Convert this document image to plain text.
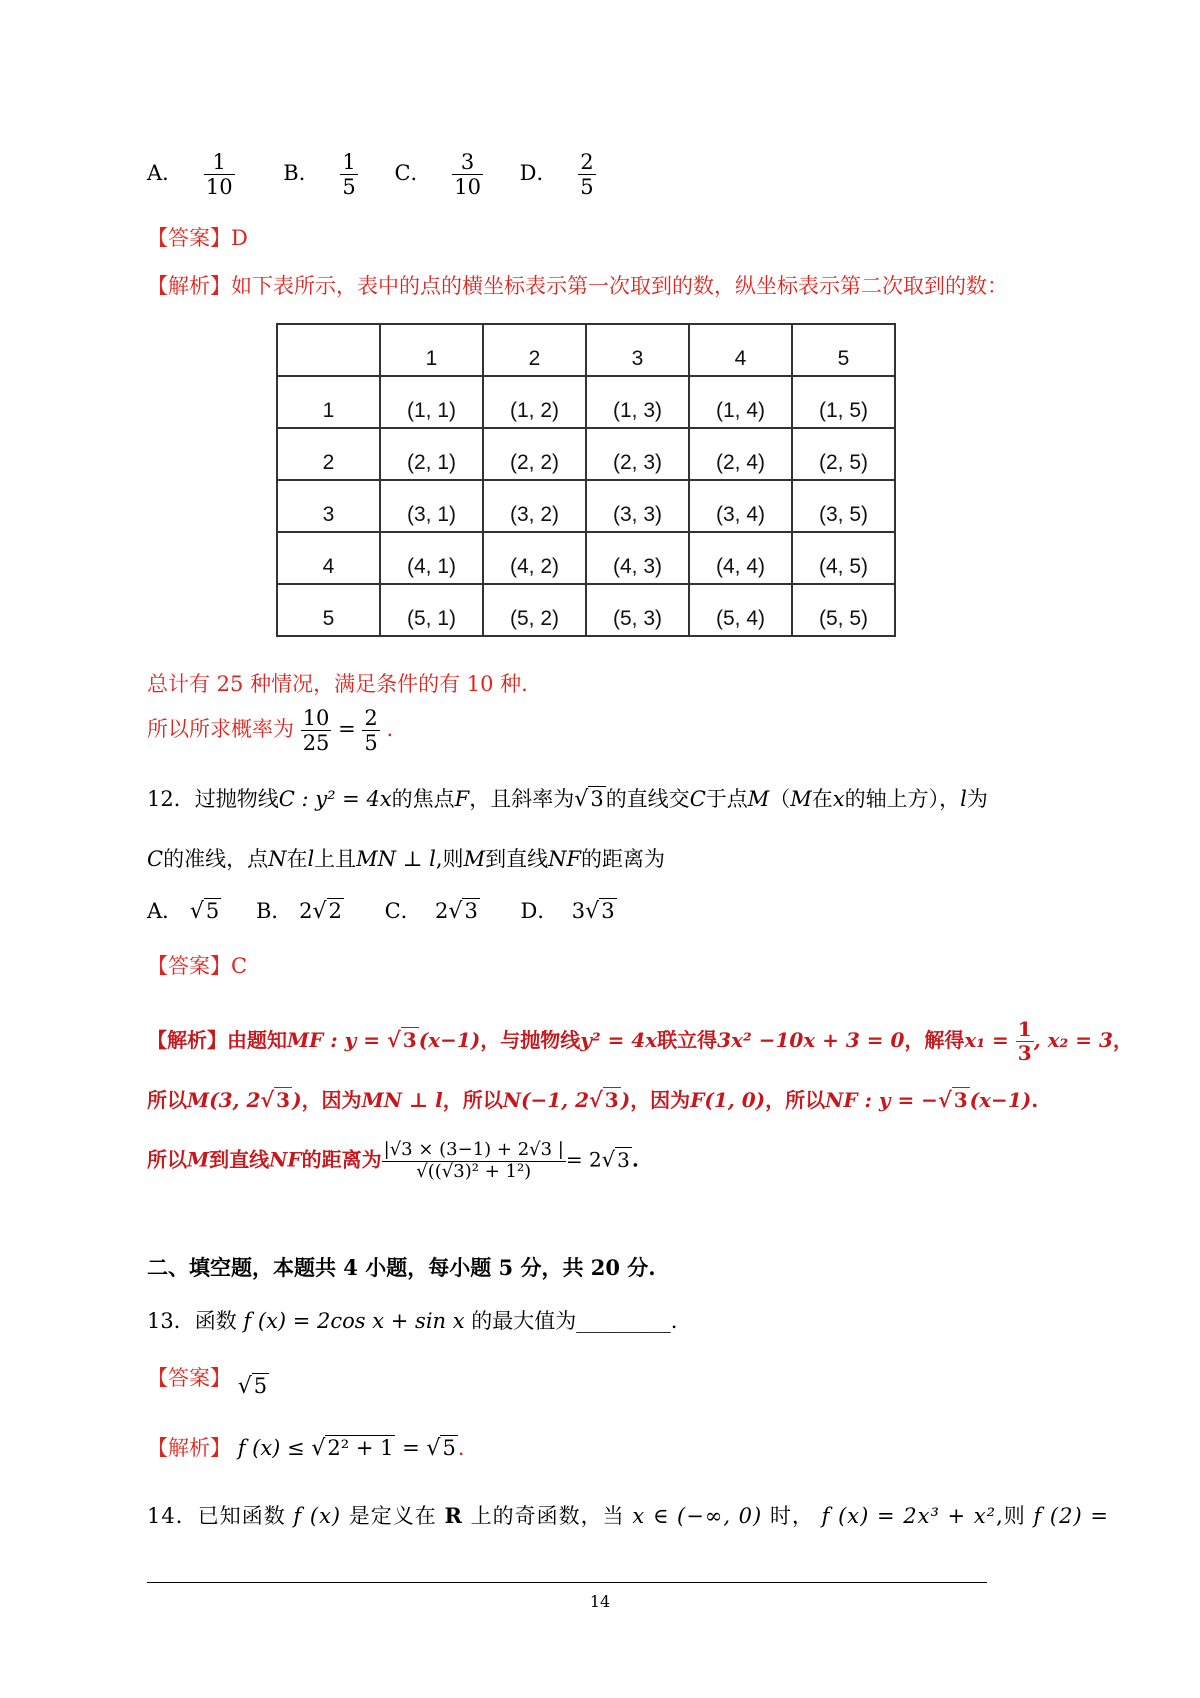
A． $\frac{1}{10}$ B． $\frac{1}{5}$ C． $\frac{3}{10}$ D． $\frac{2}{5}$
【答案】D
【解析】如下表所示，表中的点的横坐标表示第一次取到的数，纵坐标表示第二次取到的数：
	1	2	3	4	5
1	(1, 1)	(1, 2)	(1, 3)	(1, 4)	(1, 5)
2	(2, 1)	(2, 2)	(2, 3)	(2, 4)	(2, 5)
3	(3, 1)	(3, 2)	(3, 3)	(3, 4)	(3, 5)
4	(4, 1)	(4, 2)	(4, 3)	(4, 4)	(4, 5)
5	(5, 1)	(5, 2)	(5, 3)	(5, 4)	(5, 5)
总计有 25 种情况，满足条件的有 10 种.
所以所求概率为 $\frac{10}{25} = \frac{2}{5}$ .
12．过抛物线C : y² = 4x的焦点F，且斜率为√3的直线交C于点M（M在x的轴上方），l为
C的准线，点N在l上且MN ⊥ l,则M到直线NF的距离为
A． √5 B． 2√2 C． 2√3 D． 3√3
【答案】C
【解析】由题知MF : y = √ 3 (x−1)，与抛物线y² = 4x联立得3x² −10x + 3 = 0，解得$x_1 = \frac{1}{3}$ , x₂ = 3，
所以M(3, 2√ 3 )，因为MN ⊥ l，所以N(−1, 2√ 3 )，因为F(1, 0)，所以NF : y = −√ 3 (x−1).
所以M到直线NF的距离为 $\frac{|√3 \times (3-1) + 2√3 |}{\text{√((√3)² + 1²)}} = 2√$ 3 .
二、填空题，本题共 4 小题，每小题 5 分，共 20 分.
13．函数 f (x) = 2cos x + sin x 的最大值为_________.
【答案】 √5
【解析】 f (x) ≤ √2² + 1 = √5.
14．已知函数 f (x) 是定义在 R 上的奇函数，当 x ∈ (−∞, 0) 时， f (x) = 2x³ + x²,则 f (2) =
14
